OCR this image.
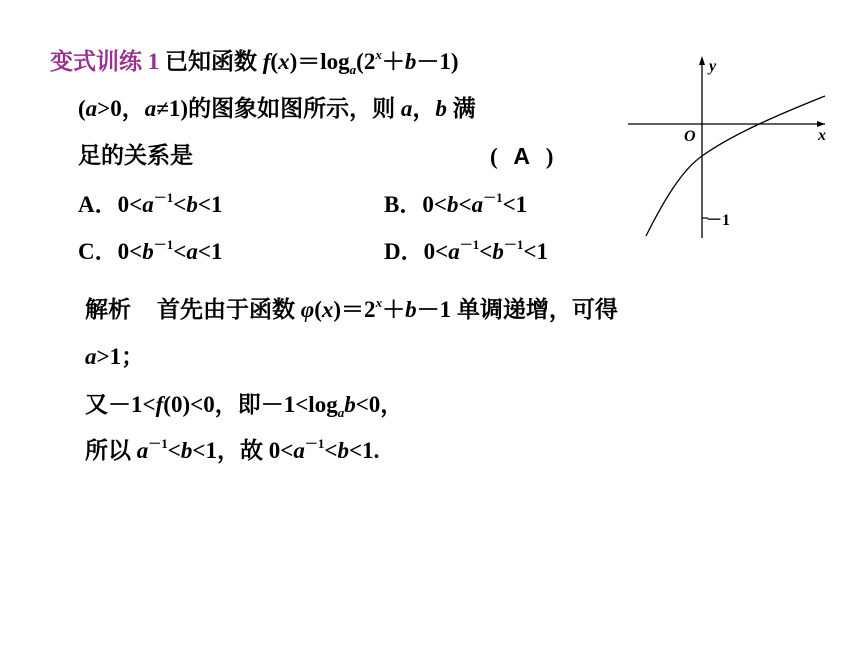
变式训练 1 已知函数 $f(x)=\log_a(2^x+b-1)$
(a>0，a≠1)的图象如图所示，则 a，b 满
足的关系是	( A )
A．$0<a^{-1}<b<1$	B．$0<b<a^{-1}<1$
C．$0<b^{-1}<a<1$	D．$0<a^{-1}<b^{-1}<1$
y
x
O
－1
解析 首先由于函数 $\varphi(x)=2^x+b-1$ 单调递增，可得
a>1；
又－1<f(0)<0，即$-1<\log_ab<0$，
所以 $a^{-1}<b<1$，故 $0<a^{-1}<b<1$.
